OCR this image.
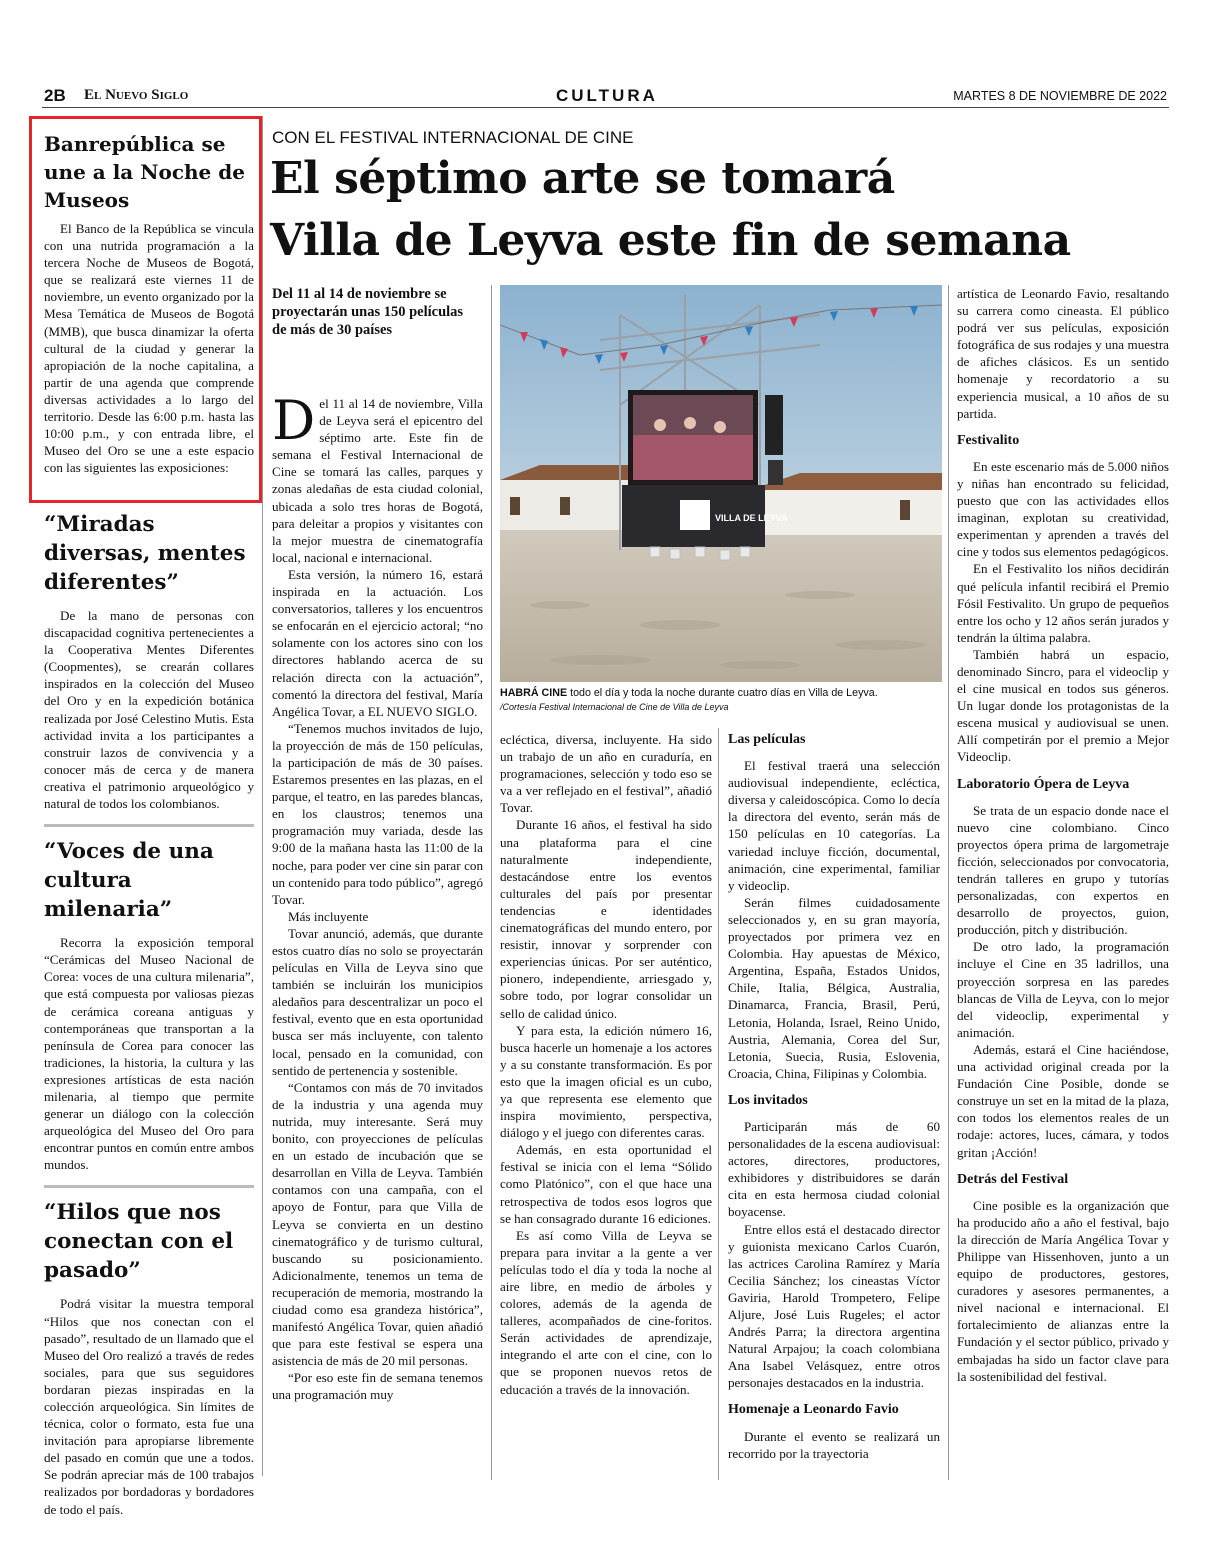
2B El Nuevo Siglo	CULTURA	MARTES 8 DE NOVIEMBRE DE 2022
Banrepública se une a la Noche de Museos

El Banco de la República se vincula con una nutrida programación a la tercera Noche de Museos de Bogotá, que se realizará este viernes 11 de noviembre, un evento organizado por la Mesa Temática de Museos de Bogotá (MMB), que busca dinamizar la oferta cultural de la ciudad y generar la apropiación de la noche capitalina, a partir de una agenda que comprende diversas actividades a lo largo del territorio. Desde las 6:00 p.m. hasta las 10:00 p.m., y con entrada libre, el Museo del Oro se une a este espacio con las siguientes las exposiciones:

“Miradas diversas, mentes diferentes”

De la mano de personas con discapacidad cognitiva pertenecientes a la Cooperativa Mentes Diferentes (Coopmentes), se crearán collares inspirados en la colección del Museo del Oro y en la expedición botánica realizada por José Celestino Mutis. Esta actividad invita a los participantes a construir lazos de convivencia y a conocer más de cerca y de manera creativa el patrimonio arqueológico y natural de todos los colombianos.

“Voces de una cultura milenaria”

Recorra la exposición temporal “Cerámicas del Museo Nacional de Corea: voces de una cultura milenaria”, que está compuesta por valiosas piezas de cerámica coreana antiguas y contemporáneas que transportan a la península de Corea para conocer las tradiciones, la historia, la cultura y las expresiones artísticas de esta nación milenaria, al tiempo que permite generar un diálogo con la colección arqueológica del Museo del Oro para encontrar puntos en común entre ambos mundos.

“Hilos que nos conectan con el pasado”

Podrá visitar la muestra temporal “Hilos que nos conectan con el pasado”, resultado de un llamado que el Museo del Oro realizó a través de redes sociales, para que sus seguidores bordaran piezas inspiradas en la colección arqueológica. Sin límites de técnica, color o formato, esta fue una invitación para apropiarse libremente del pasado en común que une a todos. Se podrán apreciar más de 100 trabajos realizados por bordadoras y bordadores de todo el país.

CON EL FESTIVAL INTERNACIONAL DE CINE
El séptimo arte se tomará
Villa de Leyva este fin de semana
Del 11 al 14 de noviembre se proyectarán unas 150 películas de más de 30 países

Del 11 al 14 de noviembre, Villa de Leyva será el epicentro del séptimo arte. Este fin de semana el Festival Internacional de Cine se tomará las calles, parques y zonas aledañas de esta ciudad colonial, ubicada a solo tres horas de Bogotá, para deleitar a propios y visitantes con la mejor muestra de cinematografía local, nacional e internacional.

Esta versión, la número 16, estará inspirada en la actuación. Los conversatorios, talleres y los encuentros se enfocarán en el ejercicio actoral; “no solamente con los actores sino con los directores hablando acerca de su relación directa con la actuación”, comentó la directora del festival, María Angélica Tovar, a EL NUEVO SIGLO.

“Tenemos muchos invitados de lujo, la proyección de más de 150 películas, la participación de más de 30 países. Estaremos presentes en las plazas, en el parque, el teatro, en las paredes blancas, en los claustros; tenemos una programación muy variada, desde las 9:00 de la mañana hasta las 11:00 de la noche, para poder ver cine sin parar con un contenido para todo público”, agregó Tovar.

Más incluyente

Tovar anunció, además, que durante estos cuatro días no solo se proyectarán películas en Villa de Leyva sino que también se incluirán los municipios aledaños para descentralizar un poco el festival, evento que en esta oportunidad busca ser más incluyente, con talento local, pensado en la comunidad, con sentido de pertenencia y sostenible.

“Contamos con más de 70 invitados de la industria y una agenda muy nutrida, muy interesante. Será muy bonito, con proyecciones de películas en un estado de incubación que se desarrollan en Villa de Leyva. También contamos con una campaña, con el apoyo de Fontur, para que Villa de Leyva se convierta en un destino cinematográfico y de turismo cultural, buscando su posicionamiento. Adicionalmente, tenemos un tema de recuperación de memoria, mostrando la ciudad como esa grandeza histórica”, manifestó Angélica Tovar, quien añadió que para este festival se espera una asistencia de más de 20 mil personas.

“Por eso este fin de semana tenemos una programación muy

VILLA DE LEYVA
HABRÁ CINE todo el día y toda la noche durante cuatro días en Villa de Leyva.
/Cortesía Festival Internacional de Cine de Villa de Leyva

ecléctica, diversa, incluyente. Ha sido un trabajo de un año en curaduría, en programaciones, selección y todo eso se va a ver reflejado en el festival”, añadió Tovar.

Durante 16 años, el festival ha sido una plataforma para el cine naturalmente independiente, destacándose entre los eventos culturales del país por presentar tendencias e identidades cinematográficas del mundo entero, por resistir, innovar y sorprender con experiencias únicas. Por ser auténtico, pionero, independiente, arriesgado y, sobre todo, por lograr consolidar un sello de calidad único.

Y para esta, la edición número 16, busca hacerle un homenaje a los actores y a su constante transformación. Es por esto que la imagen oficial es un cubo, ya que representa ese elemento que inspira movimiento, perspectiva, diálogo y el juego con diferentes caras.

Además, en esta oportunidad el festival se inicia con el lema “Sólido como Platónico”, con el que hace una retrospectiva de todos esos logros que se han consagrado durante 16 ediciones.

Es así como Villa de Leyva se prepara para invitar a la gente a ver películas todo el día y toda la noche al aire libre, en medio de árboles y colores, además de la agenda de talleres, acompañados de cine-foritos. Serán actividades de aprendizaje, integrando el arte con el cine, con lo que se proponen nuevos retos de educación a través de la innovación.

Las películas

El festival traerá una selección audiovisual independiente, ecléctica, diversa y caleidoscópica. Como lo decía la directora del evento, serán más de 150 películas en 10 categorías. La variedad incluye ficción, documental, animación, cine experimental, familiar y videoclip.

Serán filmes cuidadosamente seleccionados y, en su gran mayoría, proyectados por primera vez en Colombia. Hay apuestas de México, Argentina, España, Estados Unidos, Chile, Italia, Bélgica, Australia, Dinamarca, Francia, Brasil, Perú, Letonia, Holanda, Israel, Reino Unido, Austria, Alemania, Corea del Sur, Letonia, Suecia, Rusia, Eslovenia, Croacia, China, Filipinas y Colombia.

Los invitados

Participarán más de 60 personalidades de la escena audiovisual: actores, directores, productores, exhibidores y distribuidores se darán cita en esta hermosa ciudad colonial boyacense.

Entre ellos está el destacado director y guionista mexicano Carlos Cuarón, las actrices Carolina Ramírez y María Cecilia Sánchez; los cineastas Víctor Gaviria, Harold Trompetero, Felipe Aljure, José Luis Rugeles; el actor Andrés Parra; la directora argentina Natural Arpajou; la coach colombiana Ana Isabel Velásquez, entre otros personajes destacados en la industria.

Homenaje a Leonardo Favio

Durante el evento se realizará un recorrido por la trayectoria

artística de Leonardo Favio, resaltando su carrera como cineasta. El público podrá ver sus películas, exposición fotográfica de sus rodajes y una muestra de afiches clásicos. Es un sentido homenaje y recordatorio a su experiencia musical, a 10 años de su partida.

Festivalito

En este escenario más de 5.000 niños y niñas han encontrado su felicidad, puesto que con las actividades ellos imaginan, explotan su creatividad, experimentan y aprenden a través del cine y todos sus elementos pedagógicos.

En el Festivalito los niños decidirán qué película infantil recibirá el Premio Fósil Festivalito. Un grupo de pequeños entre los ocho y 12 años serán jurados y tendrán la última palabra.

También habrá un espacio, denominado Sincro, para el videoclip y el cine musical en todos sus géneros. Un lugar donde los protagonistas de la escena musical y audiovisual se unen. Allí competirán por el premio a Mejor Videoclip.

Laboratorio Ópera de Leyva

Se trata de un espacio donde nace el nuevo cine colombiano. Cinco proyectos ópera prima de largometraje ficción, seleccionados por convocatoria, tendrán talleres en grupo y tutorías personalizadas, con expertos en desarrollo de proyectos, guion, producción, pitch y distribución.

De otro lado, la programación incluye el Cine en 35 ladrillos, una proyección sorpresa en las paredes blancas de Villa de Leyva, con lo mejor del videoclip, experimental y animación.

Además, estará el Cine haciéndose, una actividad original creada por la Fundación Cine Posible, donde se construye un set en la mitad de la plaza, con todos los elementos reales de un rodaje: actores, luces, cámara, y todos gritan ¡Acción!

Detrás del Festival

Cine posible es la organización que ha producido año a año el festival, bajo la dirección de María Angélica Tovar y Philippe van Hissenhoven, junto a un equipo de productores, gestores, curadores y asesores permanentes, a nivel nacional e internacional. El fortalecimiento de alianzas entre la Fundación y el sector público, privado y embajadas ha sido un factor clave para la sostenibilidad del festival.
